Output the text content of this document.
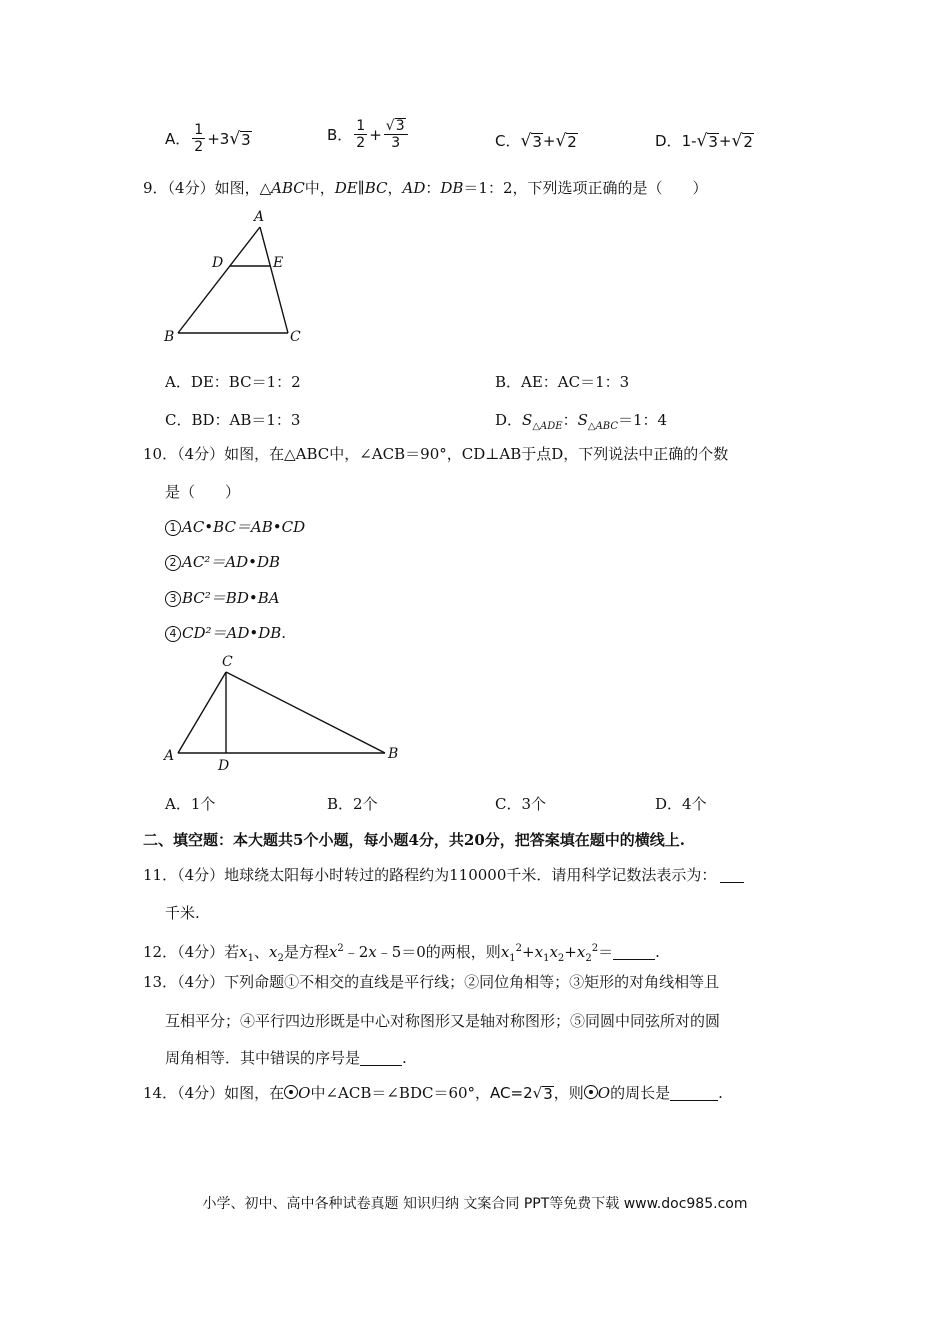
A． $\frac{1}{2} +3$ √ 3	B． $\frac{1}{2} + \frac{√ 3}{3}$	C． √ 3 + √ 2	D． 1- √ 3 + √ 2
9．（4分）如图，△ABC中，DE∥BC，AD：DB＝1：2，下列选项正确的是（　　）
A
D	E
B	C
A．DE：BC＝1：2	B．AE：AC＝1：3
C．BD：AB＝1：3	D．$S_{\triangle ADE}$：$S_{\triangle ABC}=1$：4
10．（4分）如图，在△ABC中，∠ACB＝90°，CD⊥AB于点D，下列说法中正确的个数
是（　　）
1 AC•BC＝AB•CD
2 AC²＝AD•DB
3 BC²＝BD•BA
4 CD²＝AD•DB.
C
A
D
B
A．1个	B．2个	C．3个	D．4个
二、填空题：本大题共5个小题，每小题4分，共20分，把答案填在题中的横线上.
11．（4分）地球绕太阳每小时转过的路程约为110000千米．请用科学记数法表示为：
千米.
12．（4分）若$x_1$、$x_2$是方程$x^2﹣2x﹣5=0$的两根，则$x_1^2+x_1x_2+x_2^2=$	.
13．（4分）下列命题①不相交的直线是平行线；②同位角相等；③矩形的对角线相等且
互相平分；④平行四边形既是中心对称图形又是轴对称图形；⑤同圆中同弦所对的圆
周角相等．其中错误的序号是	.
14．（4分）如图，在 O中∠ACB＝∠BDC＝60°，AC=2 √ 3 ，则 O的周长是	.
小学、初中、高中各种试卷真题 知识归纳 文案合同 PPT等免费下载 www.doc985.com
